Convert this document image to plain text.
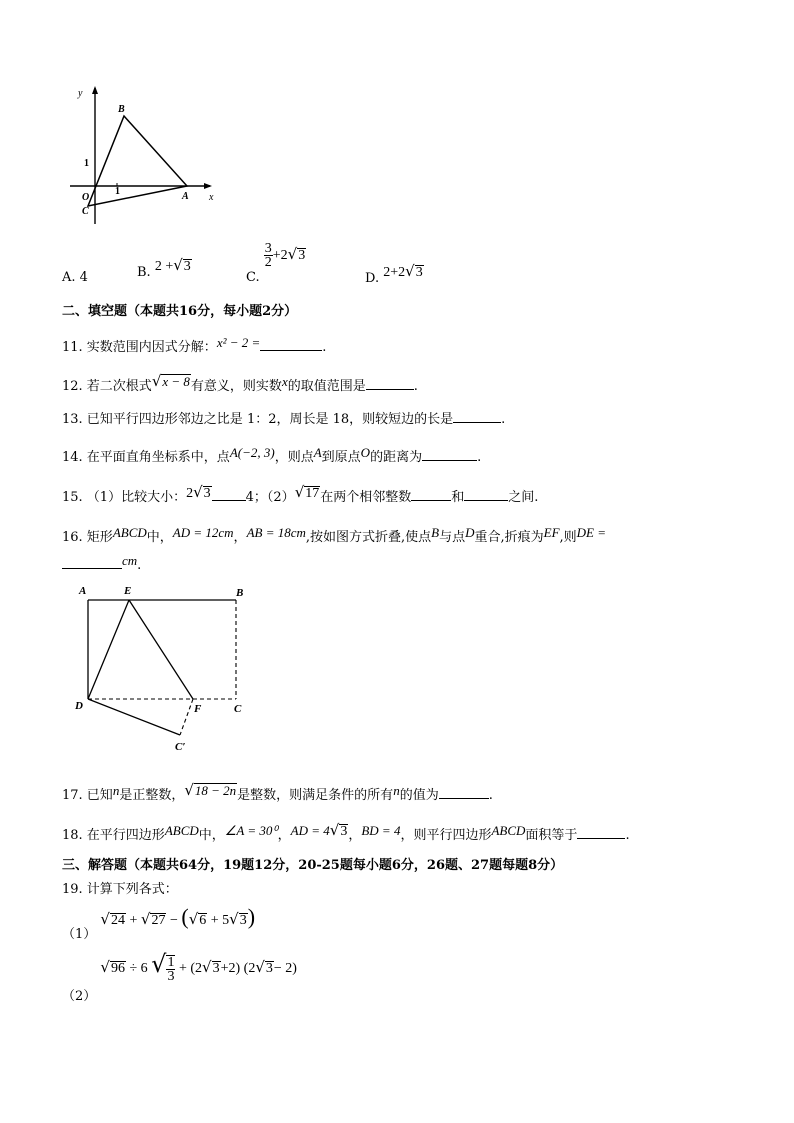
y
B
1
O
1	A x
C
A. 4	B. 2 +√3
C.
$\frac{3}{2} +2√3$
D. 2+2√3
二、填空题（本题共16分，每小题2分）
11. 实数范围内因式分解：x² − 2 =	.
12. 若二次根式√x − 8有意义，则实数x的取值范围是	.
13. 已知平行四边形邻边之比是 1：2，周长是 18，则较短边的长是	.
14. 在平面直角坐标系中，点A(−2, 3)，则点A到原点O的距离为	.
15. （1）比较大小：2√3	4；（2）√17在两个相邻整数	和	之间.
16. 矩形ABCD中，AD = 12cm，AB = 18cm,按如图方式折叠,使点B与点D重合,折痕为EF,则DE =
cm.
A	E	B
D	F	C
C′
17. 已知n是正整数，√18 − 2n是整数，则满足条件的所有n的值为	.
18. 在平行四边形ABCD中，∠A = 30⁰，AD = 4√3，BD = 4，则平行四边形ABCD面积等于	.
三、解答题（本题共64分，19题12分，20-25题每小题6分，26题、27题每题8分）
19. 计算下列各式：
（1） √24 + √27 − (√6 + 5√3)
（2） √96 ÷ 6 √ $\frac{1}{3} + (2√3+2)$ (2√3− 2)
